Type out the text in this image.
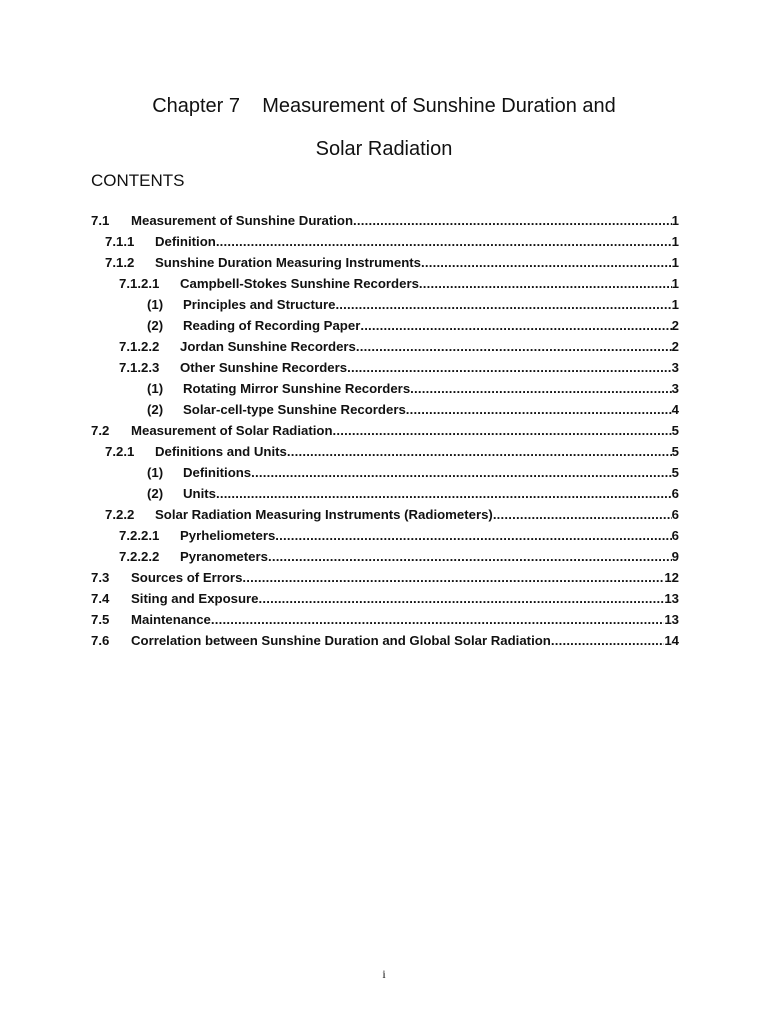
Chapter 7    Measurement of Sunshine Duration and
Solar Radiation
CONTENTS
7.1	Measurement of Sunshine Duration .....	1
7.1.1	Definition .....	1
7.1.2	Sunshine Duration Measuring Instruments .....	1
7.1.2.1	Campbell-Stokes Sunshine Recorders .....	1
(1)	Principles and Structure .....	1
(2)	Reading of Recording Paper .....	2
7.1.2.2	Jordan Sunshine Recorders .....	2
7.1.2.3	Other Sunshine Recorders .....	3
(1)	Rotating Mirror Sunshine Recorders .....	3
(2)	Solar-cell-type Sunshine Recorders .....	4
7.2	Measurement of Solar Radiation .....	5
7.2.1	Definitions and Units .....	5
(1)	Definitions .....	5
(2)	Units .....	6
7.2.2	Solar Radiation Measuring Instruments (Radiometers) .....	6
7.2.2.1	Pyrheliometers .....	6
7.2.2.2	Pyranometers .....	9
7.3	Sources of Errors .....	12
7.4	Siting and Exposure .....	13
7.5	Maintenance .....	13
7.6	Correlation between Sunshine Duration and Global Solar Radiation .....	14

i
